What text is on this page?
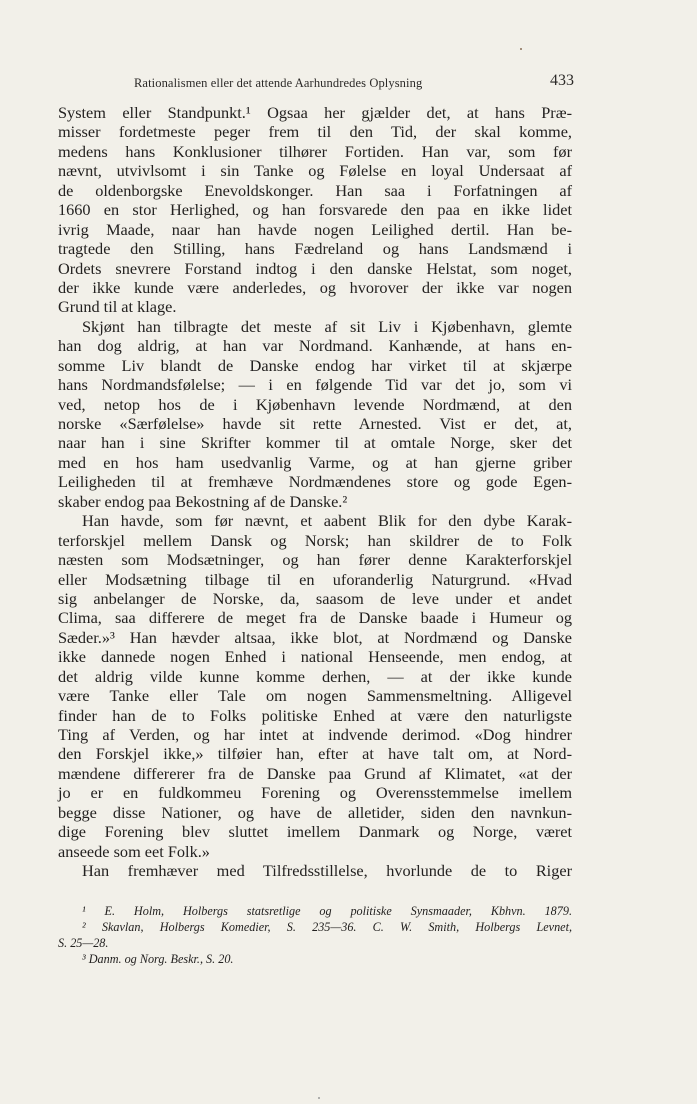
Rationalismen eller det attende Aarhundredes Oplysning	433
System eller Standpunkt.¹ Ogsaa her gjælder det, at hans Præ-
misser fordetmeste peger frem til den Tid, der skal komme,
medens hans Konklusioner tilhører Fortiden. Han var, som før
nævnt, utvivlsomt i sin Tanke og Følelse en loyal Undersaat af
de oldenborgske Enevoldskonger. Han saa i Forfatningen af
1660 en stor Herlighed, og han forsvarede den paa en ikke lidet
ivrig Maade, naar han havde nogen Leilighed dertil. Han be-
tragtede den Stilling, hans Fædreland og hans Landsmænd i
Ordets snevrere Forstand indtog i den danske Helstat, som noget,
der ikke kunde være anderledes, og hvorover der ikke var nogen
Grund til at klage.
Skjønt han tilbragte det meste af sit Liv i Kjøbenhavn, glemte
han dog aldrig, at han var Nordmand. Kanhænde, at hans en-
somme Liv blandt de Danske endog har virket til at skjærpe
hans Nordmandsfølelse; — i en følgende Tid var det jo, som vi
ved, netop hos de i Kjøbenhavn levende Nordmænd, at den
norske «Særfølelse» havde sit rette Arnested. Vist er det, at,
naar han i sine Skrifter kommer til at omtale Norge, sker det
med en hos ham usedvanlig Varme, og at han gjerne griber
Leiligheden til at fremhæve Nordmændenes store og gode Egen-
skaber endog paa Bekostning af de Danske.²
Han havde, som før nævnt, et aabent Blik for den dybe Karak-
terforskjel mellem Dansk og Norsk; han skildrer de to Folk
næsten som Modsætninger, og han fører denne Karakterforskjel
eller Modsætning tilbage til en uforanderlig Naturgrund. «Hvad
sig anbelanger de Norske, da, saasom de leve under et andet
Clima, saa differere de meget fra de Danske baade i Humeur og
Sæder.»³ Han hævder altsaa, ikke blot, at Nordmænd og Danske
ikke dannede nogen Enhed i national Henseende, men endog, at
det aldrig vilde kunne komme derhen, — at der ikke kunde
være Tanke eller Tale om nogen Sammensmeltning. Alligevel
finder han de to Folks politiske Enhed at være den naturligste
Ting af Verden, og har intet at indvende derimod. «Dog hindrer
den Forskjel ikke,» tilføier han, efter at have talt om, at Nord-
mændene differerer fra de Danske paa Grund af Klimatet, «at der
jo er en fuldkommeu Forening og Overensstemmelse imellem
begge disse Nationer, og have de alletider, siden den navnkun-
dige Forening blev sluttet imellem Danmark og Norge, været
anseede som eet Folk.»
Han fremhæver med Tilfredsstillelse, hvorlunde de to Riger
¹ E. Holm, Holbergs statsretlige og politiske Synsmaader, Kbhvn. 1879.
² Skavlan, Holbergs Komedier, S. 235—36. C. W. Smith, Holbergs Levnet,
S. 25—28.
³ Danm. og Norg. Beskr., S. 20.
